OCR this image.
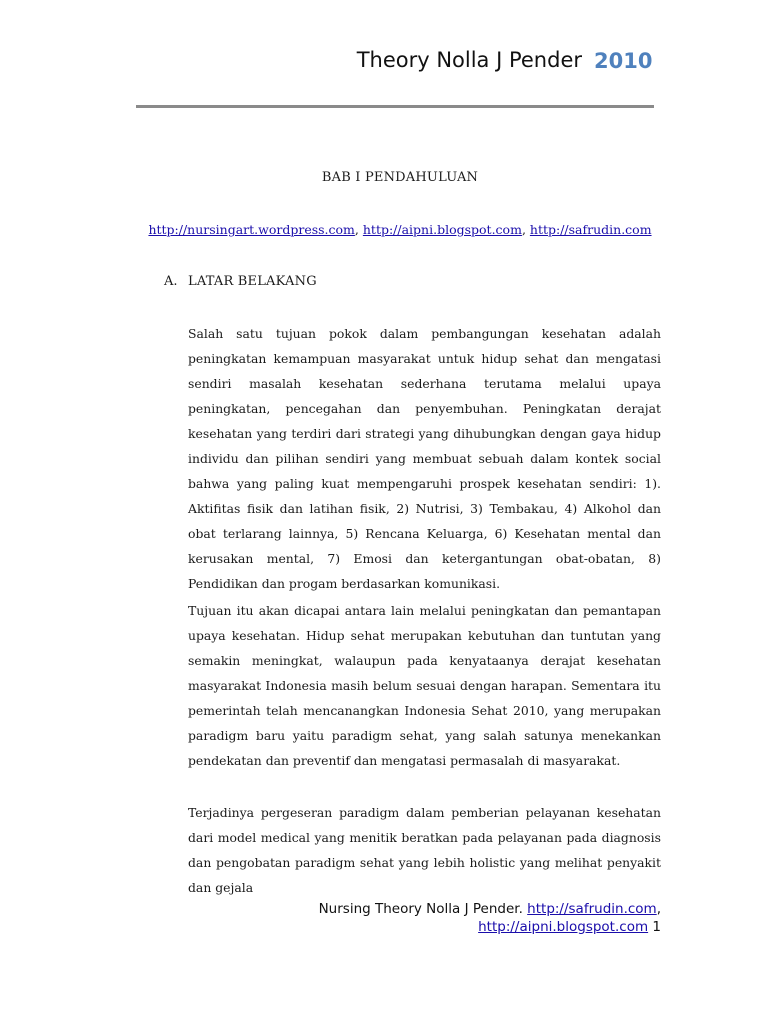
Theory Nolla J Pender 2010
BAB I PENDAHULUAN
http://nursingart.wordpress.com, http://aipni.blogspot.com, http://safrudin.com
A. LATAR BELAKANG

Salah satu tujuan pokok dalam pembangungan kesehatan adalah peningkatan kemampuan masyarakat untuk hidup sehat dan mengatasi sendiri masalah kesehatan sederhana terutama melalui upaya peningkatan, pencegahan dan penyembuhan. Peningkatan derajat kesehatan yang terdiri dari strategi yang dihubungkan dengan gaya hidup individu dan pilihan sendiri yang membuat sebuah dalam kontek social bahwa yang paling kuat mempengaruhi prospek kesehatan sendiri: 1). Aktifitas fisik dan latihan fisik, 2) Nutrisi, 3) Tembakau, 4) Alkohol dan obat terlarang lainnya, 5) Rencana Keluarga, 6) Kesehatan mental dan kerusakan mental, 7) Emosi dan ketergantungan obat-obatan, 8) Pendidikan dan progam berdasarkan komunikasi.

Tujuan itu akan dicapai antara lain melalui peningkatan dan pemantapan upaya kesehatan. Hidup sehat merupakan kebutuhan dan tuntutan yang semakin meningkat, walaupun pada kenyataanya derajat kesehatan masyarakat Indonesia masih belum sesuai dengan harapan. Sementara itu pemerintah telah mencanangkan Indonesia Sehat 2010, yang merupakan paradigm baru yaitu paradigm sehat, yang salah satunya menekankan pendekatan dan preventif dan mengatasi permasalah di masyarakat.

Terjadinya pergeseran paradigm dalam pemberian pelayanan kesehatan dari model medical yang menitik beratkan pada pelayanan pada diagnosis dan pengobatan paradigm sehat yang lebih holistic yang melihat penyakit dan gejala

Nursing Theory Nolla J Pender. http://safrudin.com,
http://aipni.blogspot.com 1
